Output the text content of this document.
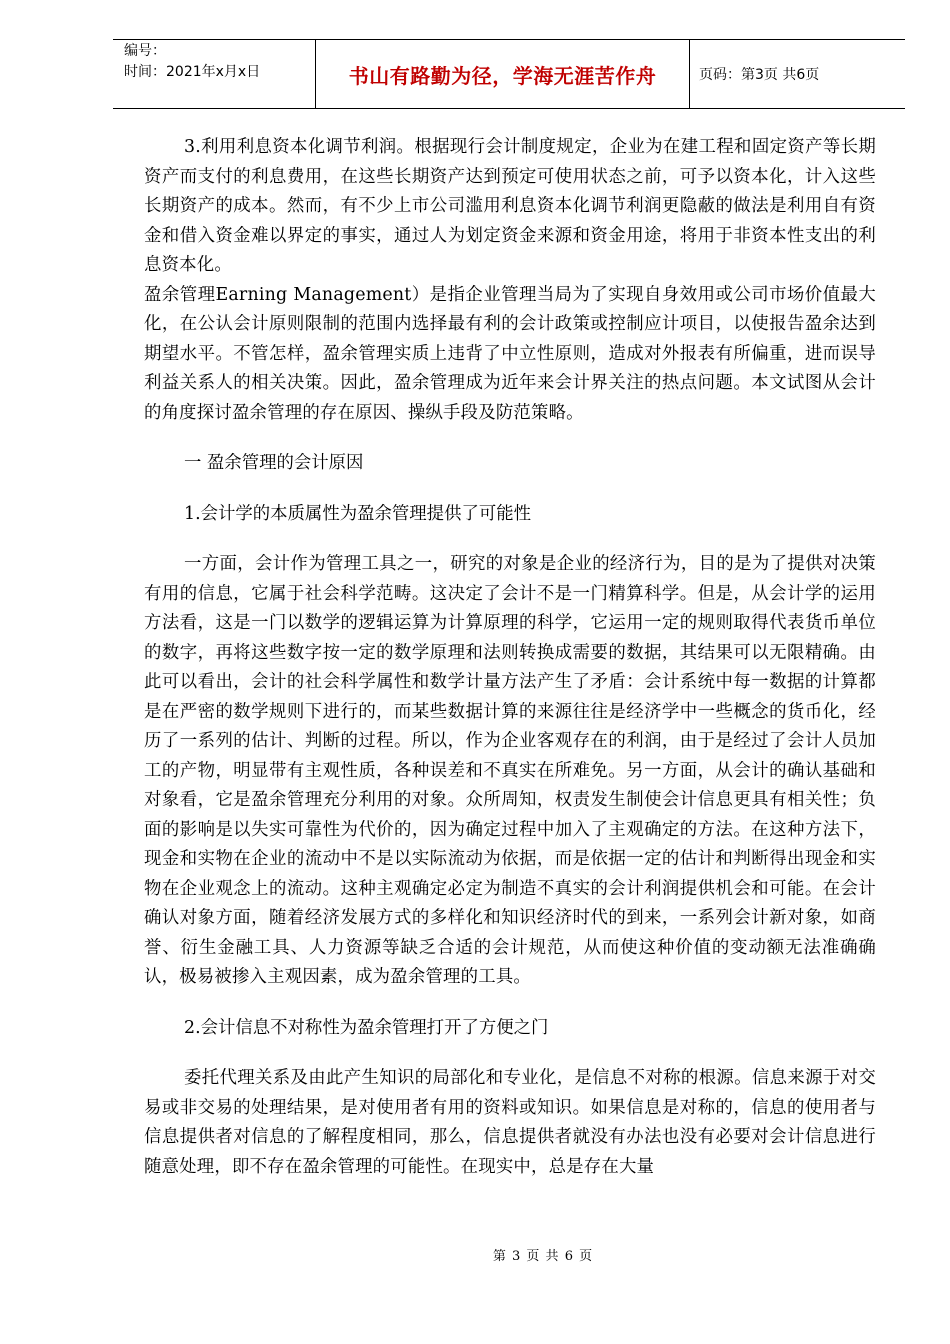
编号：
时间：2021年x月x日	书山有路勤为径，学海无涯苦作舟	页码：第3页 共6页

3.利用利息资本化调节利润。根据现行会计制度规定，企业为在建工程和固定资产等长期资产而支付的利息费用，在这些长期资产达到预定可使用状态之前，可予以资本化，计入这些长期资产的成本。然而，有不少上市公司滥用利息资本化调节利润更隐蔽的做法是利用自有资金和借入资金难以界定的事实，通过人为划定资金来源和资金用途，将用于非资本性支出的利息资本化。

盈余管理Earning Management）是指企业管理当局为了实现自身效用或公司市场价值最大化，在公认会计原则限制的范围内选择最有利的会计政策或控制应计项目，以使报告盈余达到期望水平。不管怎样，盈余管理实质上违背了中立性原则，造成对外报表有所偏重，进而误导利益关系人的相关决策。因此，盈余管理成为近年来会计界关注的热点问题。本文试图从会计的角度探讨盈余管理的存在原因、操纵手段及防范策略。

一 盈余管理的会计原因

1.会计学的本质属性为盈余管理提供了可能性

一方面，会计作为管理工具之一，研究的对象是企业的经济行为，目的是为了提供对决策有用的信息，它属于社会科学范畴。这决定了会计不是一门精算科学。但是，从会计学的运用方法看，这是一门以数学的逻辑运算为计算原理的科学，它运用一定的规则取得代表货币单位的数字，再将这些数字按一定的数学原理和法则转换成需要的数据，其结果可以无限精确。由此可以看出，会计的社会科学属性和数学计量方法产生了矛盾：会计系统中每一数据的计算都是在严密的数学规则下进行的，而某些数据计算的来源往往是经济学中一些概念的货币化，经历了一系列的估计、判断的过程。所以，作为企业客观存在的利润，由于是经过了会计人员加工的产物，明显带有主观性质，各种误差和不真实在所难免。另一方面，从会计的确认基础和对象看，它是盈余管理充分利用的对象。众所周知，权责发生制使会计信息更具有相关性；负面的影响是以失实可靠性为代价的，因为确定过程中加入了主观确定的方法。在这种方法下，现金和实物在企业的流动中不是以实际流动为依据，而是依据一定的估计和判断得出现金和实物在企业观念上的流动。这种主观确定必定为制造不真实的会计利润提供机会和可能。在会计确认对象方面，随着经济发展方式的多样化和知识经济时代的到来，一系列会计新对象，如商誉、衍生金融工具、人力资源等缺乏合适的会计规范，从而使这种价值的变动额无法准确确认，极易被掺入主观因素，成为盈余管理的工具。

2.会计信息不对称性为盈余管理打开了方便之门

委托代理关系及由此产生知识的局部化和专业化，是信息不对称的根源。信息来源于对交易或非交易的处理结果，是对使用者有用的资料或知识。如果信息是对称的，信息的使用者与信息提供者对信息的了解程度相同，那么，信息提供者就没有办法也没有必要对会计信息进行随意处理，即不存在盈余管理的可能性。在现实中，总是存在大量

第 3 页 共 6 页
